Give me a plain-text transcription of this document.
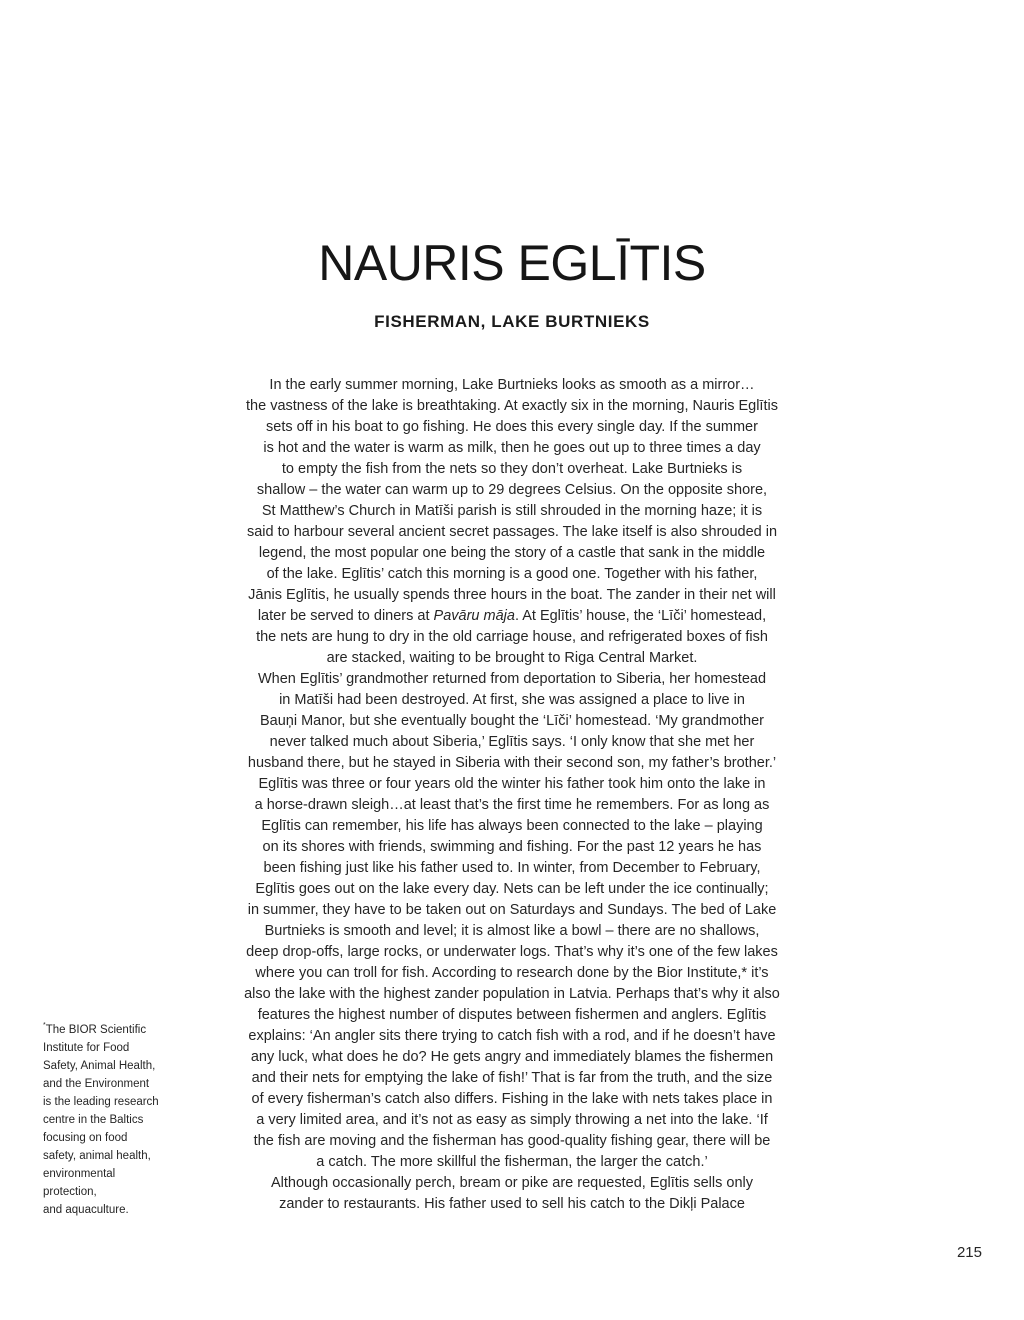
NAURIS EGLĪTIS
FISHERMAN, LAKE BURTNIEKS
In the early summer morning, Lake Burtnieks looks as smooth as a mirror…
the vastness of the lake is breathtaking. At exactly six in the morning, Nauris Eglītis
sets off in his boat to go fishing. He does this every single day. If the summer
is hot and the water is warm as milk, then he goes out up to three times a day
to empty the fish from the nets so they don’t overheat. Lake Burtnieks is
shallow – the water can warm up to 29 degrees Celsius. On the opposite shore,
St Matthew’s Church in Matīši parish is still shrouded in the morning haze; it is
said to harbour several ancient secret passages. The lake itself is also shrouded in
legend, the most popular one being the story of a castle that sank in the middle
of the lake. Eglītis’ catch this morning is a good one. Together with his father,
Jānis Eglītis, he usually spends three hours in the boat. The zander in their net will
later be served to diners at Pavāru māja. At Eglītis’ house, the ‘Līči’ homestead,
the nets are hung to dry in the old carriage house, and refrigerated boxes of fish
are stacked, waiting to be brought to Riga Central Market.
When Eglītis’ grandmother returned from deportation to Siberia, her homestead
in Matīši had been destroyed. At first, she was assigned a place to live in
Bauņi Manor, but she eventually bought the ‘Līči’ homestead. ‘My grandmother
never talked much about Siberia,’ Eglītis says. ‘I only know that she met her
husband there, but he stayed in Siberia with their second son, my father’s brother.’
Eglītis was three or four years old the winter his father took him onto the lake in
a horse-drawn sleigh…at least that’s the first time he remembers. For as long as
Eglītis can remember, his life has always been connected to the lake – playing
on its shores with friends, swimming and fishing. For the past 12 years he has
been fishing just like his father used to. In winter, from December to February,
Eglītis goes out on the lake every day. Nets can be left under the ice continually;
in summer, they have to be taken out on Saturdays and Sundays. The bed of Lake
Burtnieks is smooth and level; it is almost like a bowl – there are no shallows,
deep drop-offs, large rocks, or underwater logs. That’s why it’s one of the few lakes
where you can troll for fish. According to research done by the Bior Institute,* it’s
also the lake with the highest zander population in Latvia. Perhaps that’s why it also
features the highest number of disputes between fishermen and anglers. Eglītis
explains: ‘An angler sits there trying to catch fish with a rod, and if he doesn’t have
any luck, what does he do? He gets angry and immediately blames the fishermen
and their nets for emptying the lake of fish!’ That is far from the truth, and the size
of every fisherman’s catch also differs. Fishing in the lake with nets takes place in
a very limited area, and it’s not as easy as simply throwing a net into the lake. ‘If
the fish are moving and the fisherman has good-quality fishing gear, there will be
a catch. The more skillful the fisherman, the larger the catch.’
Although occasionally perch, bream or pike are requested, Eglītis sells only
zander to restaurants. His father used to sell his catch to the Dikļi Palace
*The BIOR Scientific
Institute for Food
Safety, Animal Health,
and the Environment
is the leading research
centre in the Baltics
focusing on food
safety, animal health,
environmental
protection,
and aquaculture.
215
